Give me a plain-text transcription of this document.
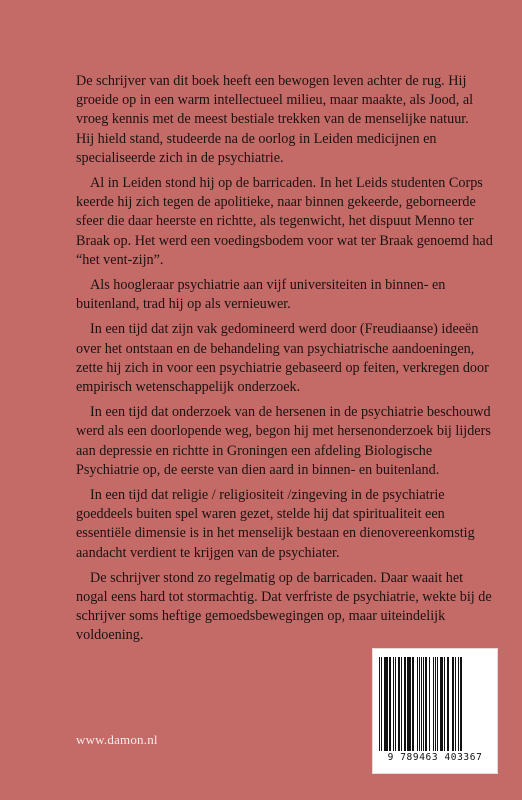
De schrijver van dit boek heeft een bewogen leven achter de rug. Hij groeide op in een warm intellectueel milieu, maar maakte, als Jood, al vroeg kennis met de meest bestiale trekken van de menselijke natuur.

Hij hield stand, studeerde na de oorlog in Leiden medicijnen en specialiseerde zich in de psychiatrie.

Al in Leiden stond hij op de barricaden. In het Leids studenten Corps keerde hij zich tegen de apolitieke, naar binnen gekeerde, geborneerde sfeer die daar heerste en richtte, als tegenwicht, het dispuut Menno ter Braak op. Het werd een voedingsbodem voor wat ter Braak genoemd had “het vent-zijn”.

Als hoogleraar psychiatrie aan vijf universiteiten in binnen- en buitenland, trad hij op als vernieuwer.

In een tijd dat zijn vak gedomineerd werd door (Freudiaanse) ideeën over het ontstaan en de behandeling van psychiatrische aandoeningen, zette hij zich in voor een psychiatrie gebaseerd op feiten, verkregen door empirisch wetenschappelijk onderzoek.

In een tijd dat onderzoek van de hersenen in de psychiatrie beschouwd werd als een doorlopende weg, begon hij met hersenonderzoek bij lijders aan depressie en richtte in Groningen een afdeling Biologische Psychiatrie op, de eerste van dien aard in binnen- en buitenland.

In een tijd dat religie / religiositeit /zingeving in de psychiatrie goeddeels buiten spel waren gezet, stelde hij dat spiritualiteit een essentiële dimensie is in het menselijk bestaan en dienovereenkomstig aandacht verdient te krijgen van de psychiater.

De schrijver stond zo regelmatig op de barricaden. Daar waait het nogal eens hard tot stormachtig. Dat verfriste de psychiatrie, wekte bij de schrijver soms heftige gemoedsbewegingen op, maar uiteindelijk voldoening.

www.damon.nl
9 789463 403367
